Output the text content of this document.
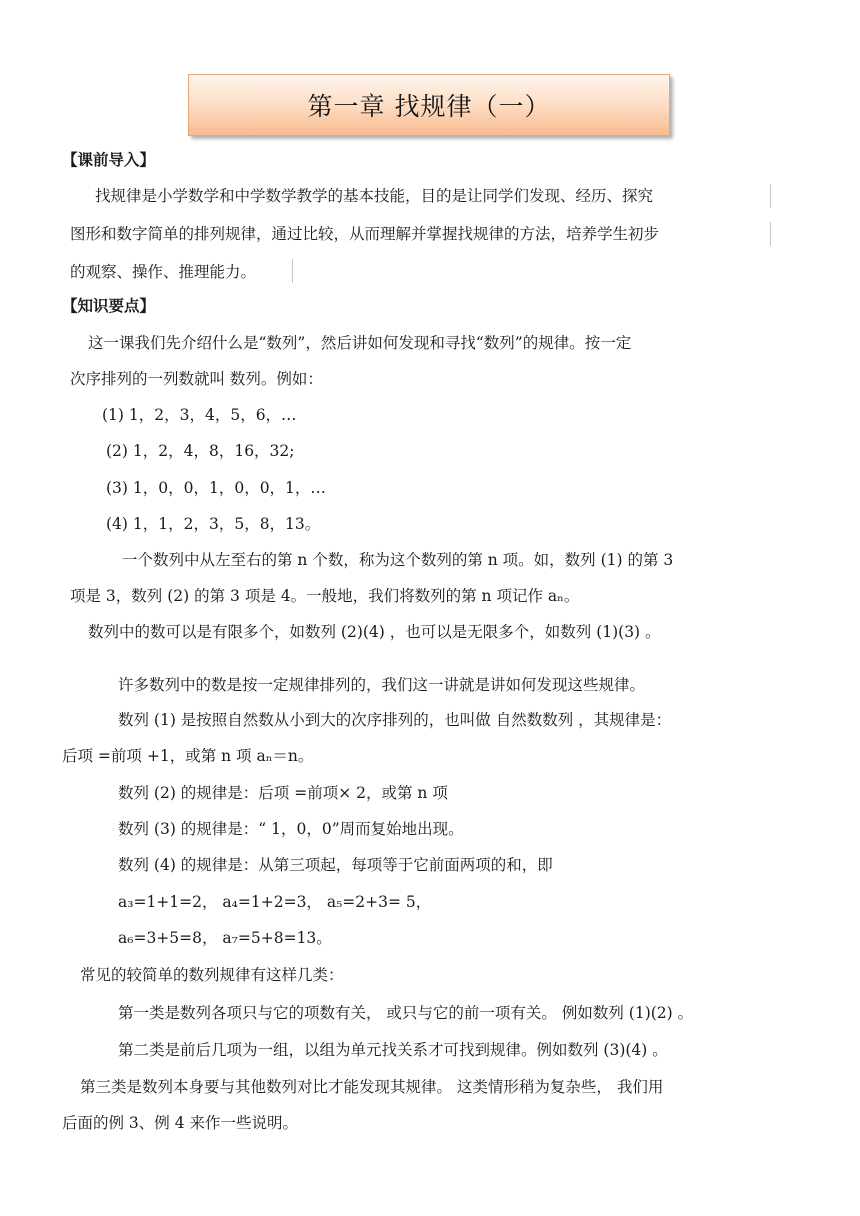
第一章 找规律（一）
【课前导入】
找规律是小学数学和中学数学教学的基本技能，目的是让同学们发现、经历、探究
图形和数字简单的排列规律，通过比较，从而理解并掌握找规律的方法，培养学生初步
的观察、操作、推理能力。
【知识要点】
这一课我们先介绍什么是“数列”，然后讲如何发现和寻找“数列”的规律。按一定
次序排列的一列数就叫 数列。例如：
(1) 1，2，3，4，5，6，…
(2) 1，2，4，8，16，32;
(3) 1，0，0，1，0，0，1，…
(4) 1，1，2，3，5，8，13。
一个数列中从左至右的第 n 个数，称为这个数列的第 n 项。如，数列 (1) 的第 3
项是 3，数列 (2) 的第 3 项是 4。一般地，我们将数列的第 n 项记作 aₙ。
数列中的数可以是有限多个，如数列 (2)(4) ，也可以是无限多个，如数列 (1)(3) 。
许多数列中的数是按一定规律排列的，我们这一讲就是讲如何发现这些规律。
数列 (1) 是按照自然数从小到大的次序排列的，也叫做 自然数数列 ，其规律是：
后项 =前项 +1，或第 n 项 aₙ＝n。
数列 (2) 的规律是：后项 =前项× 2，或第 n 项
数列 (3) 的规律是：“ 1，0，0”周而复始地出现。
数列 (4) 的规律是：从第三项起，每项等于它前面两项的和，即
a₃=1+1=2， a₄=1+2=3， a₅=2+3= 5，
a₆=3+5=8， a₇=5+8=13。
常见的较简单的数列规律有这样几类：
第一类是数列各项只与它的项数有关， 或只与它的前一项有关。 例如数列 (1)(2) 。
第二类是前后几项为一组，以组为单元找关系才可找到规律。例如数列 (3)(4) 。
第三类是数列本身要与其他数列对比才能发现其规律。 这类情形稍为复杂些， 我们用
后面的例 3、例 4 来作一些说明。
